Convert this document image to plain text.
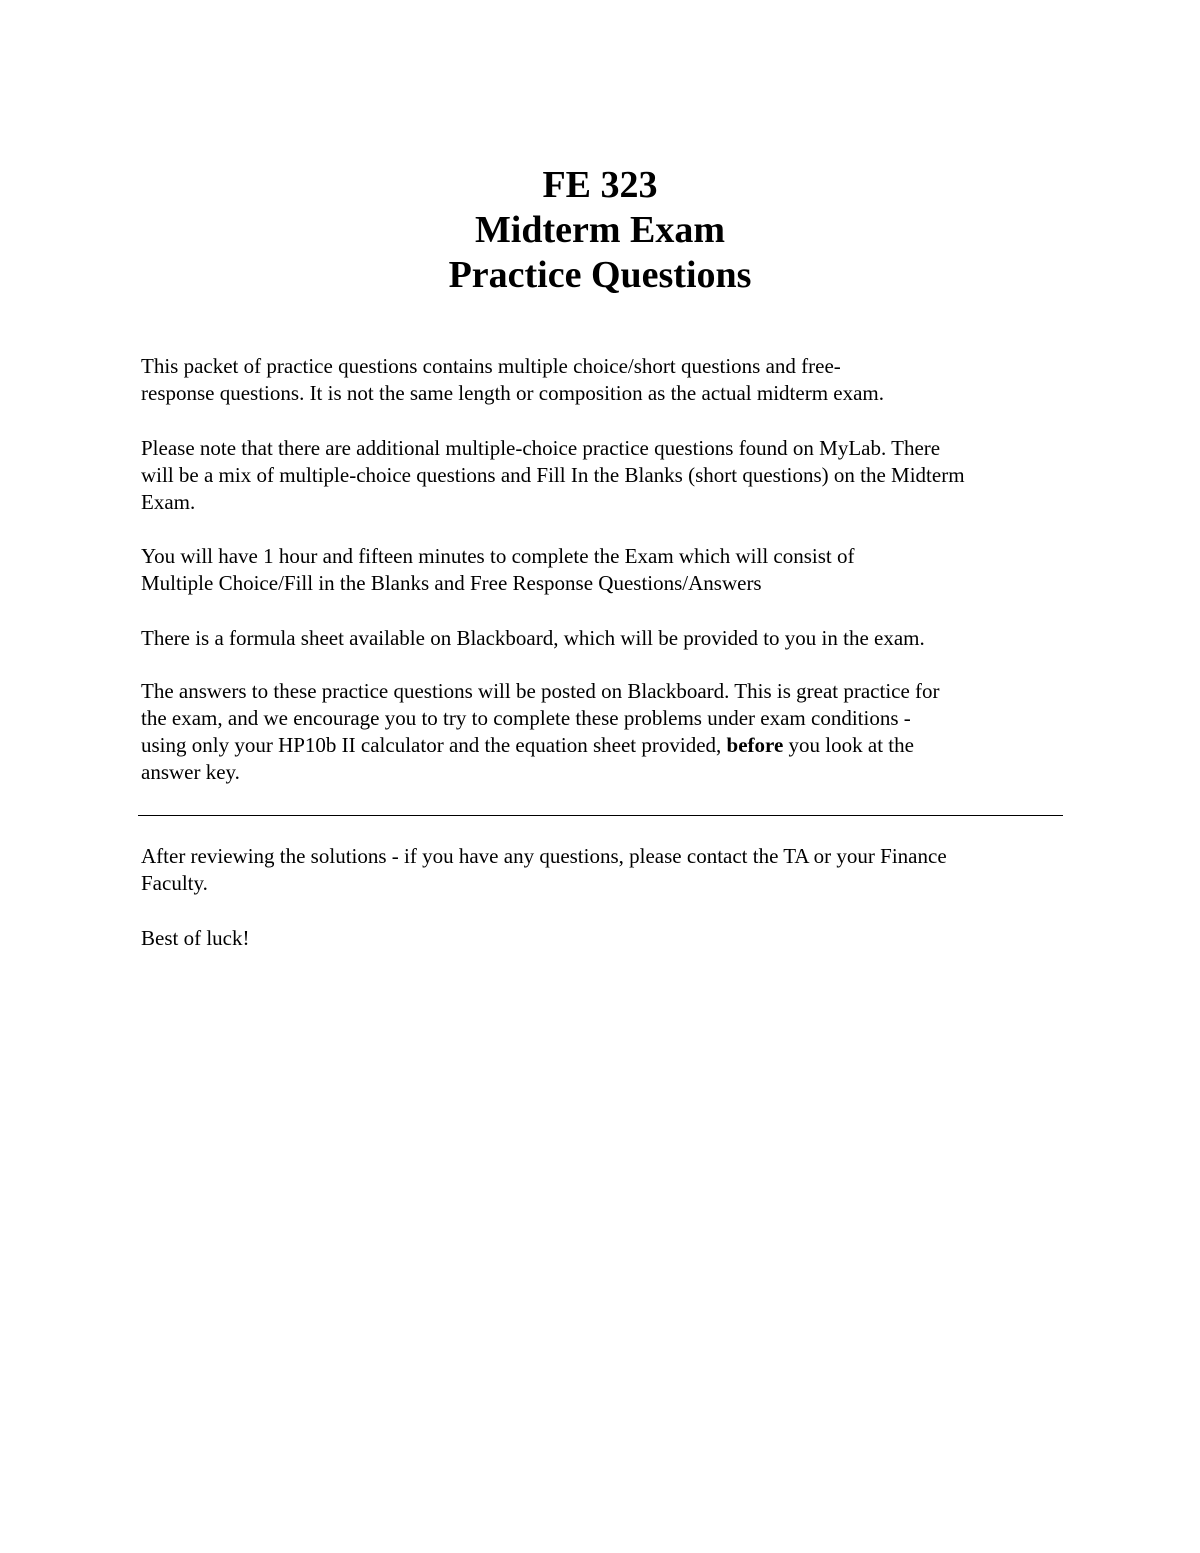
FE 323
Midterm Exam
Practice Questions

This packet of practice questions contains multiple choice/short questions and free-
response questions. It is not the same length or composition as the actual midterm exam.

Please note that there are additional multiple-choice practice questions found on MyLab. There
will be a mix of multiple-choice questions and Fill In the Blanks (short questions) on the Midterm
Exam.

You will have 1 hour and fifteen minutes to complete the Exam which will consist of
Multiple Choice/Fill in the Blanks and Free Response Questions/Answers

There is a formula sheet available on Blackboard, which will be provided to you in the exam.

The answers to these practice questions will be posted on Blackboard. This is great practice for
the exam, and we encourage you to try to complete these problems under exam conditions -
using only your HP10b II calculator and the equation sheet provided, before you look at the
answer key.

After reviewing the solutions - if you have any questions, please contact the TA or your Finance
Faculty.

Best of luck!
